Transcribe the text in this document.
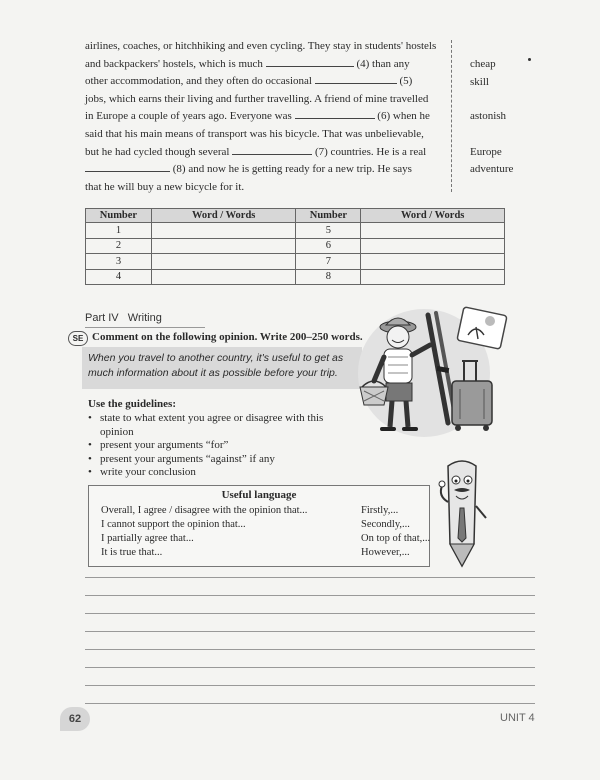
airlines, coaches, or hitchhiking and even cycling. They stay in students' hostels
and backpackers' hostels, which is much	(4) than any
other accommodation, and they often do occasional	(5)
jobs, which earns their living and further travelling. A friend of mine travelled
in Europe a couple of years ago. Everyone was	(6) when he
said that his main means of transport was his bicycle. That was unbelievable,
but he had cycled though several	(7) countries. He is a real
(8) and now he is getting ready for a new trip. He says
that he will buy a new bicycle for it.
cheap
skill
astonish
Europe
adventure
Number	Word / Words	Number	Word / Words
1		5	
2		6	
3		7	
4		8	
Part IV   Writing
SE Comment on the following opinion. Write 200–250 words.
When you travel to another country, it's useful to get as much information about it as possible before your trip.
Use the guidelines:
• state to what extent you agree or disagree with this
opinion
• present your arguments “for”
• present your arguments “against” if any
• write your conclusion
Useful language
Overall, I agree / disagree with the opinion that...
I cannot support the opinion that...
I partially agree that...
It is true that...
Firstly,...
Secondly,...
On top of that,...
However,...
62	UNIT 4
